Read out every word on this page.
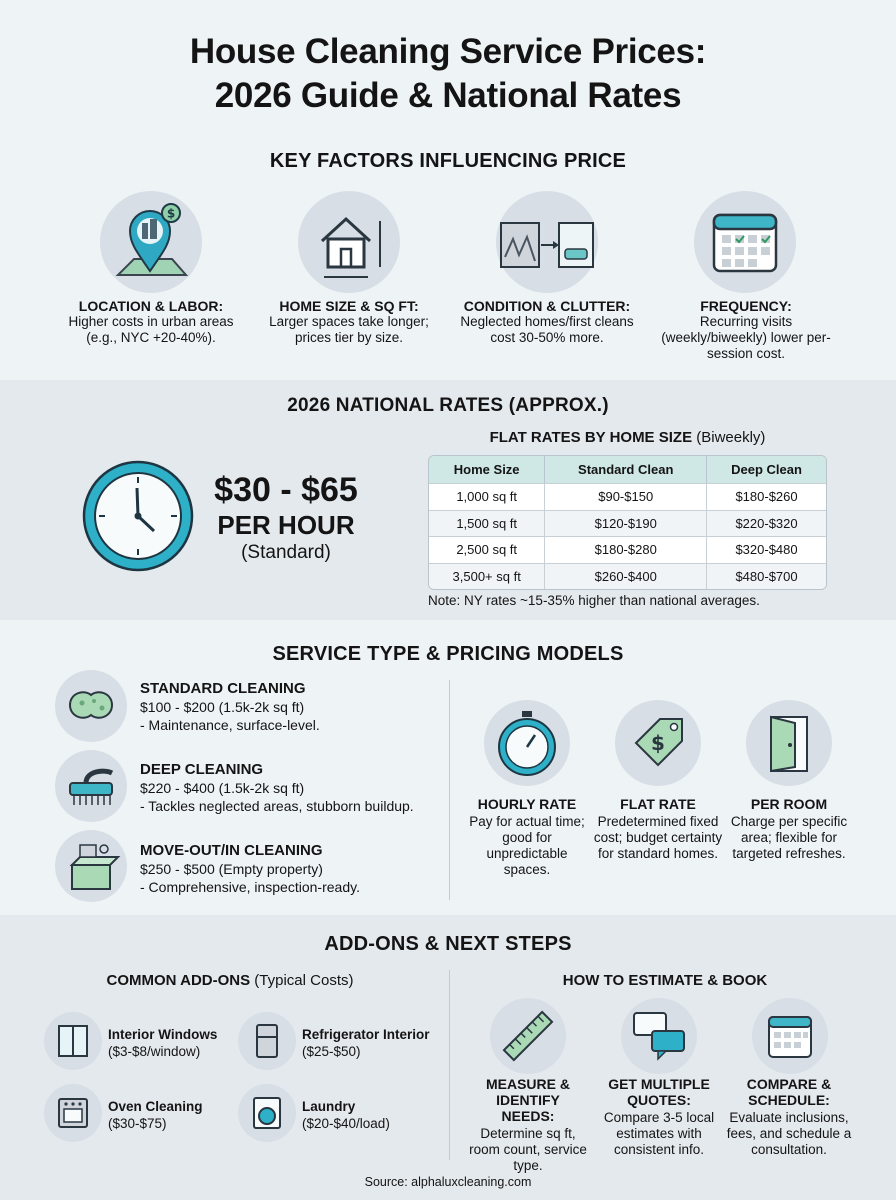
House Cleaning Service Prices:
2026 Guide & National Rates
KEY FACTORS INFLUENCING PRICE
$
LOCATION & LABOR:
Higher costs in urban areas (e.g., NYC +20-40%).
HOME SIZE & SQ FT:
Larger spaces take longer; prices tier by size.
CONDITION & CLUTTER:
Neglected homes/first cleans cost 30-50% more.
FREQUENCY:
Recurring visits (weekly/biweekly) lower per-session cost.
2026 NATIONAL RATES (APPROX.)
$30 - $65
PER HOUR
(Standard)
FLAT RATES BY HOME SIZE (Biweekly)
Home Size	Standard Clean	Deep Clean
1,000 sq ft	$90-$150	$180-$260
1,500 sq ft	$120-$190	$220-$320
2,500 sq ft	$180-$280	$320-$480
3,500+ sq ft	$260-$400	$480-$700
Note: NY rates ~15-35% higher than national averages.
SERVICE TYPE & PRICING MODELS
STANDARD CLEANING
$100 - $200 (1.5k-2k sq ft)
- Maintenance, surface-level.
DEEP CLEANING
$220 - $400 (1.5k-2k sq ft)
- Tackles neglected areas, stubborn buildup.
MOVE-OUT/IN CLEANING
$250 - $500 (Empty property)
- Comprehensive, inspection-ready.
$
HOURLY RATE
Pay for actual time; good for unpredictable spaces.
FLAT RATE
Predetermined fixed cost; budget certainty for standard homes.
PER ROOM
Charge per specific area; flexible for targeted refreshes.
ADD-ONS & NEXT STEPS
COMMON ADD-ONS (Typical Costs)
Interior Windows
($3-$8/window)
Refrigerator Interior
($25-$50)
Oven Cleaning
($30-$75)
Laundry
($20-$40/load)
HOW TO ESTIMATE & BOOK
MEASURE & IDENTIFY NEEDS:
Determine sq ft, room count, service type.
GET MULTIPLE QUOTES:
Compare 3-5 local estimates with consistent info.
COMPARE & SCHEDULE:
Evaluate inclusions, fees, and schedule a consultation.
Source: alphaluxcleaning.com
